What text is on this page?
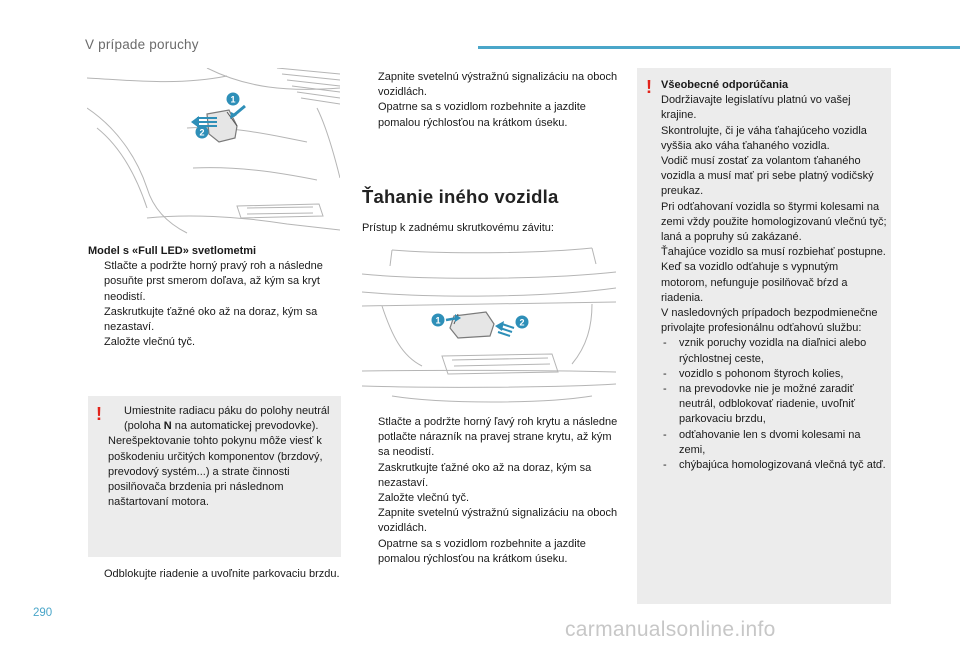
V prípade poruchy
1
2

Model s «Full LED» svetlometmi

Stlačte a podržte horný pravý roh a následne posuňte prst smerom doľava, až kým sa kryt neodistí.

Zaskrutkujte ťažné oko až na doraz, kým sa nezastaví.

Založte vlečnú tyč.

!	Umiestnite radiacu páku do polohy neutrál (poloha N na automatickej prevodovke).

Nerešpektovanie tohto pokynu môže viesť k poškodeniu určitých komponentov (brzdový, prevodový systém...) a strate činnosti posilňovača brzdenia pri následnom naštartovaní motora.

Odblokujte riadenie a uvoľnite parkovaciu brzdu.

Zapnite svetelnú výstražnú signalizáciu na oboch vozidlách.

Opatrne sa s vozidlom rozbehnite a jazdite pomalou rýchlosťou na krátkom úseku.

Ťahanie iného vozidla

Prístup k zadnému skrutkovému závitu:

1	2

Stlačte a podržte horný ľavý roh krytu a následne potlačte nárazník na pravej strane krytu, až kým sa neodistí.

Zaskrutkujte ťažné oko až na doraz, kým sa nezastaví.

Založte vlečnú tyč.

Zapnite svetelnú výstražnú signalizáciu na oboch vozidlách.

Opatrne sa s vozidlom rozbehnite a jazdite pomalou rýchlosťou na krátkom úseku.

! Všeobecné odporúčania

Dodržiavajte legislatívu platnú vo vašej krajine.

Skontrolujte, či je váha ťahajúceho vozidla vyššia ako váha ťahaného vozidla.

Vodič musí zostať za volantom ťahaného vozidla a musí mať pri sebe platný vodičský preukaz.

Pri odťahovaní vozidla so štyrmi kolesami na zemi vždy použite homologizovanú vlečnú tyč; laná a popruhy sú zakázané.

Ťahajúce vozidlo sa musí rozbiehať postupne.

Keď sa vozidlo odťahuje s vypnutým motorom, nefunguje posilňovač bŕzd a riadenia.

V nasledovných prípadoch bezpodmienečne privolajte profesionálnu odťahovú službu:

- vznik poruchy vozidla na diaľnici alebo rýchlostnej ceste,

- vozidlo s pohonom štyroch kolies,

- na prevodovke nie je možné zaradiť neutrál, odblokovať riadenie, uvoľniť parkovaciu brzdu,

- odťahovanie len s dvomi kolesami na zemi,

- chýbajúca homologizovaná vlečná tyč atď.

290
carmanualsonline.info
